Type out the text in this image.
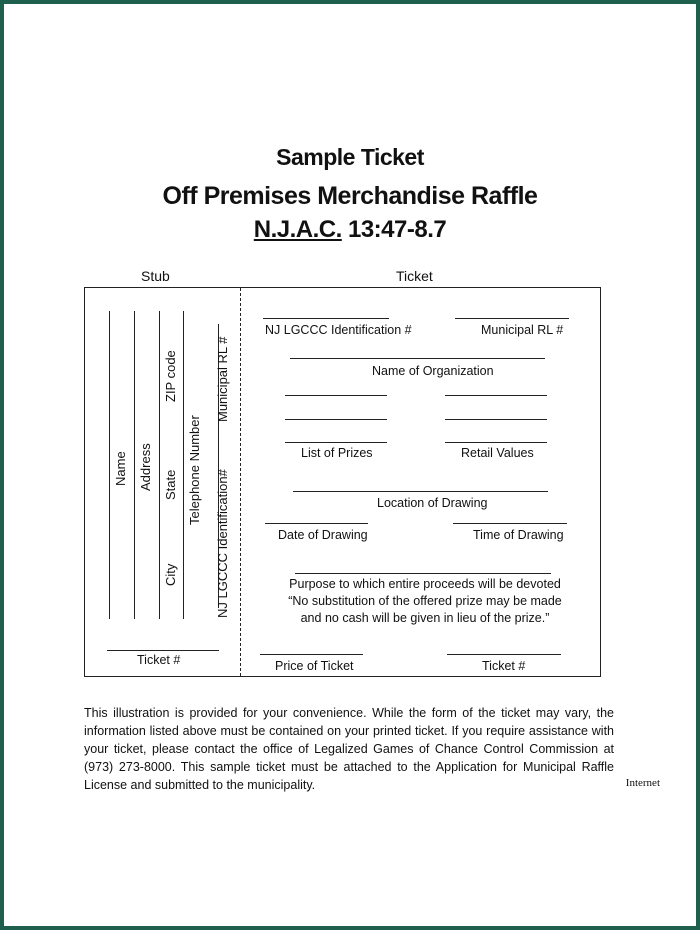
Sample Ticket
Off Premises Merchandise Raffle
N.J.A.C. 13:47-8.7
Stub	Ticket
Name Address State
ZIP code
City
Telephone Number
Municipal RL #
NJ LGCCC Identification#
Ticket #
NJ LGCCC Identification #	Municipal RL #
Name of Organization
List of Prizes	Retail Values
Location of Drawing
Date of Drawing	Time of Drawing
Purpose to which entire proceeds will be devoted
“No substitution of the offered prize may be made
and no cash will be given in lieu of the prize.”
Price of Ticket	Ticket #
This illustration is provided for your convenience. While the form of the ticket may vary, the information listed above must be contained on your printed ticket. If you require assistance with your ticket, please contact the office of Legalized Games of Chance Control Commission at (973) 273-8000. This sample ticket must be attached to the Application for Municipal Raffle License and submitted to the municipality.	Internet
